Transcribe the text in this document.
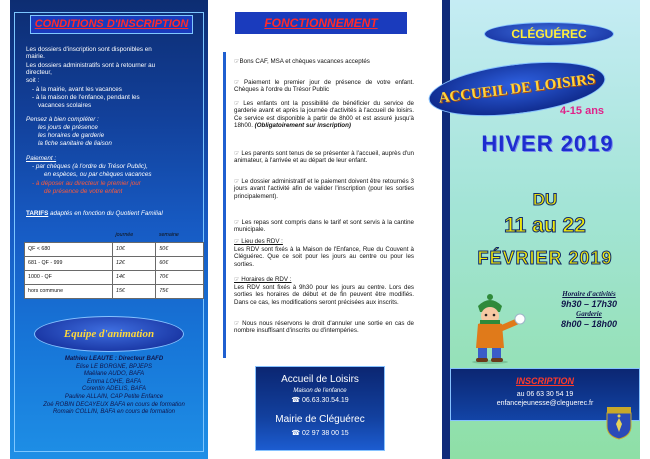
CONDITIONS D'INSCRIPTION
Les dossiers d'inscription sont disponibles en
mairie.
Les dossiers administratifs sont à retourner au
directeur,
soit :
- à la mairie, avant les vacances
- à la maison de l'enfance, pendant les
vacances scolaires
Pensez à bien compléter :
les jours de présence
les horaires de garderie
la fiche sanitaire de liaison
Paiement :
- par chèques (à l'ordre du Trésor Public),
en espèces, ou par chèques vacances
- à déposer au directeur le premier jour
de présence de votre enfant
TARIFS adaptés en fonction du Quotient Familial
	journée	semaine
QF < 680	10€	50€
681 - QF - 999	12€	60€
1000 - QF	14€	70€
hors commune	15€	75€
Equipe d'animation
Mathieu LEAUTE : Directeur BAFD
Elise LE BORGNE, BPJEPS
Maëlane AUDO, BAFA
Emma LOHE, BAFA
Corentin ADELIS, BAFA
Pauline ALLAIN, CAP Petite Enfance
Zoé ROBIN DECAYEUX BAFA en cours de formation
Romain COLLIN, BAFA en cours de formation
FONCTIONNEMENT
☞Bons CAF, MSA et chèques vacances acceptés
☞ Paiement le premier jour de présence de votre enfant. Chèques à l'ordre du Trésor Public
☞ Les enfants ont la possibilité de bénéficier du service de garderie avant et après la journée d'activités à l'accueil de loisirs. Ce service est disponible à partir de 8h00 et est assuré jusqu'à 18h00. (Obligatoirement sur inscription)
☞ Les parents sont tenus de se présenter à l'accueil, auprès d'un animateur, à l'arrivée et au départ de leur enfant.
☞ Le dossier administratif et le paiement doivent être retournés 3 jours avant l'activité afin de valider l'inscription (pour les sorties principalement).
☞ Les repas sont compris dans le tarif et sont servis à la cantine municipale.
☞ Lieu des RDV :
Les RDV sont fixés à la Maison de l'Enfance, Rue du Couvent à Cléguérec. Que ce soit pour les jours au centre ou pour les sorties.
☞ Horaires de RDV :
Les RDV sont fixés à 9h30 pour les jours au centre. Lors des sorties les horaires de début et de fin peuvent être modifiés. Dans ce cas, les modifications seront précisées aux inscrits.
☞ Nous nous réservons le droit d'annuler une sortie en cas de nombre insuffisant d'inscrits ou d'intempéries.
Accueil de Loisirs
Maison de l'enfance
☎ 06.63.30.54.19
Mairie de Cléguérec
☎ 02 97 38 00 15
CLÉGUÉREC
ACCUEIL DE LOISIRS
4-15 ans
HIVER 2019
DU
11 au 22
FÉVRIER 2019
Horaire d'activités
9h30 – 17h30
Garderie
8h00 – 18h00
INSCRIPTION
au 06 63 30 54 19
enfancejeunesse@cleguerec.fr
